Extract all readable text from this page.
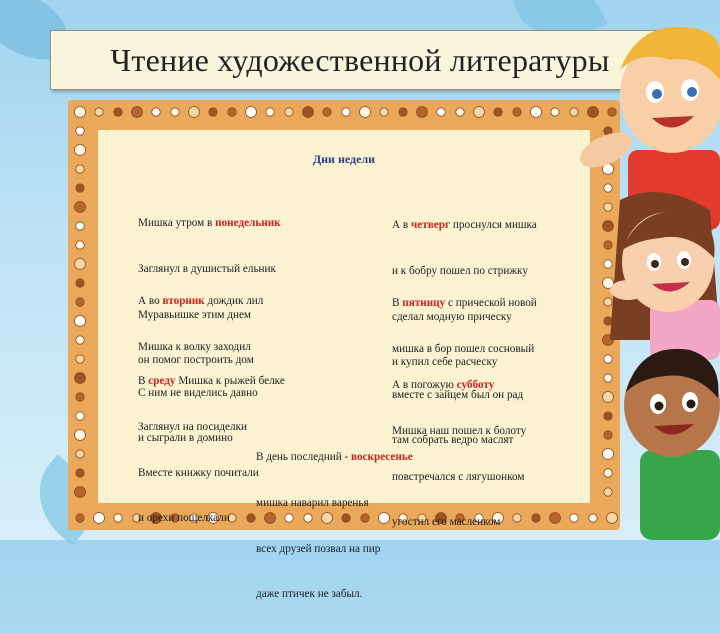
Чтение художественной литературы
Дни недели

Мишка утром в понедельник

Заглянул в душистый ельник

Муравьишке этим днем

он помог построить дом

А в четверг проснулся мишка

и к бобру пошел по стрижку

сделал модную прическу

и купил себе расческу

А во вторник дождик лил

Мишка к волку заходил

С ним не виделись давно

и сыграли в домино

В пятницу с прической новой

мишка в бор пошел сосновый

вместе с зайцем был он рад

там собрать ведро маслят

В среду Мишка к рыжей белке

Заглянул на посиделки

Вместе книжку почитали

и орехи пощелкали

А в погожую субботу

Мишка наш пошел к болоту

повстречался с лягушонком

угостил его масленком

В день последний - воскресенье

мишка наварил варенья

всех друзей позвал на пир

даже птичек не забыл.
